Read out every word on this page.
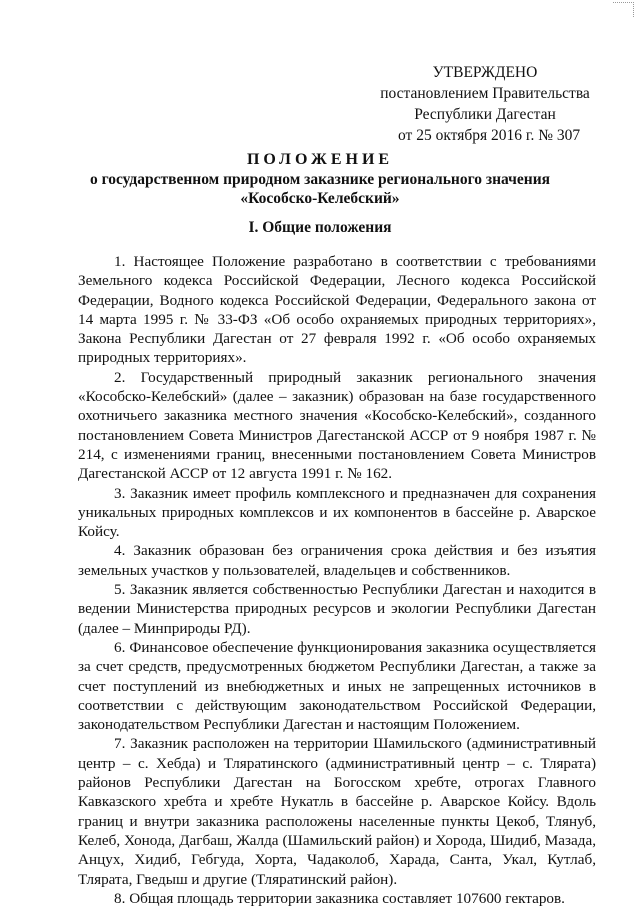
УТВЕРЖДЕНО
постановлением Правительства
Республики Дагестан
от 25 октября 2016 г. № 307
ПОЛОЖЕНИЕ
о государственном природном заказнике регионального значения
«Кособско-Келебский»
I. Общие положения

1. Настоящее Положение разработано в соответствии с требованиями Земельного кодекса Российской Федерации, Лесного кодекса Российской Федерации, Водного кодекса Российской Федерации, Федерального закона от 14 марта 1995 г. № 33-ФЗ «Об особо охраняемых природных территориях», Закона Республики Дагестан от 27 февраля 1992 г. «Об особо охраняемых природных территориях».

2. Государственный природный заказник регионального значения «Кособско-Келебский» (далее – заказник) образован на базе государственного охотничьего заказника местного значения «Кособско-Келебский», созданного постановлением Совета Министров Дагестанской АССР от 9 ноября 1987 г. № 214, с изменениями границ, внесенными постановлением Совета Министров Дагестанской АССР от 12 августа 1991 г. № 162.

3. Заказник имеет профиль комплексного и предназначен для сохранения уникальных природных комплексов и их компонентов в бассейне р. Аварское Койсу.

4. Заказник образован без ограничения срока действия и без изъятия земельных участков у пользователей, владельцев и собственников.

5. Заказник является собственностью Республики Дагестан и находится в ведении Министерства природных ресурсов и экологии Республики Дагестан (далее – Минприроды РД).

6. Финансовое обеспечение функционирования заказника осуществляется за счет средств, предусмотренных бюджетом Республики Дагестан, а также за счет поступлений из внебюджетных и иных не запрещенных источников в соответствии с действующим законодательством Российской Федерации, законодательством Республики Дагестан и настоящим Положением.

7. Заказник расположен на территории Шамильского (административный центр – с. Хебда) и Тляратинского (административный центр – с. Тлярата) районов Республики Дагестан на Богосском хребте, отрогах Главного Кавказского хребта и хребте Нукатль в бассейне р. Аварское Койсу. Вдоль границ и внутри заказника расположены населенные пункты Цекоб, Тлянуб, Келеб, Хонода, Дагбаш, Жалда (Шамильский район) и Хорода, Шидиб, Мазада, Анцух, Хидиб, Гебгуда, Хорта, Чадаколоб, Харада, Санта, Укал, Кутлаб, Тлярата, Гведыш и другие (Тляратинский район).

8. Общая площадь территории заказника составляет 107600 гектаров.
